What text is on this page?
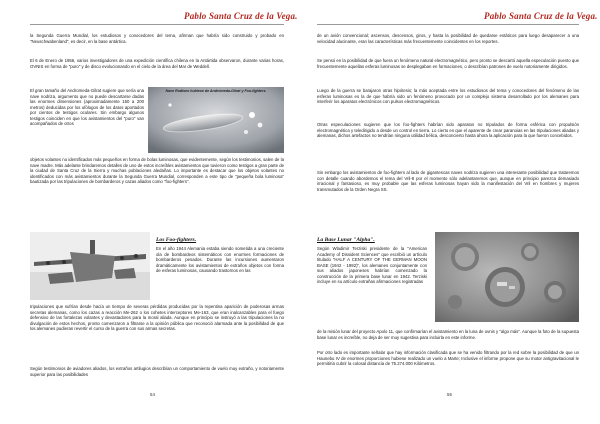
Pablo Santa Cruz de la Vega.
la Segunda Guerra Mundial, los estudiosos y conocedores del tema, afirman que habría sido construido y probado en "Neuschwabenland", es decir, en la base antártica.
El 6 de Enero de 1956, varios investigadores de una expedición científica chilena en la Antártida observaron, durante varias horas, OVNIS en forma de "puro" y de disco evolucionando en el cielo de la área del Mar de Weddell.
Nave Rodiseo hubiese de Andrómeda-Gilrat y Foo-fighters.
El gran tamaño del Andromeda-Gilrat sugiere que sería una nave nodriza, argumento que no puede descartarse dadas las enormes dimensiones (aproximadamente 150 a 200 metros) deducidas por los ufólogos de los datos aportados por cientos de testigos oculares. Sin embargo algunos testigos coinciden en que los avistamientos del "puro" van acompañados de otros
objetos volantes no identificados más pequeños en forma de bolas luminosas, que evidentemente, según los testimonios, salen de la nave madre. Más adelante brindaremos detalles de uno de estos increíbles avistamientos que tuvieron como testigos a gran parte de la ciudad de Santa Cruz de la Sierra y muchas poblaciones aledañas. Lo importante es destacar que los objetos volantes no identificados con más avistamientos durante la Segunda Guerra Mundial, corresponden a este tipo de "pequeña bola luminosa" bautizada por las tripulaciones de bombarderos y cazas aliados como "foo-fighters".
Los Foo-fighters.
En el año 1944 Alemania estaba siendo sometida a una creciente ola de bombardeos sistemáticos con enormes formaciones de bombarderos pesados. Durante las incursiones aumentaron dramáticamente los avistamientos de extraños objetos con forma de esferas luminosas, causando trastornos en las
tripulaciones que sufrían desde hacía un tiempo de severas pérdidas producidas por la repentina aparición de poderosas armas secretas alemanas, como los cazas a reacción Me-262 o los cohetes interceptores Me-163, que eran inalcanzables para el fuego defensivo de las fortalezas volantes y devastadores para la moral aliada. Aunque en principio se instruyó a las tripulaciones la no divulgación de estos hechos, pronto comenzaron a filtrarse a la opinión pública que reconoció alarmada ante la posibilidad de que los alemanes pudieran revertir el curso de la guerra con sus armas secretas.
Según testimonios de aviadores aliados, los extraños artilugios describían un comportamiento de vuelo muy extraño, y notoriamente superior para las posibilidades
54
Pablo Santa Cruz de la Vega.
de un avión convencional; ascensos, descensos, giros, y hasta la posibilidad de quedarse estáticos para luego desaparecer a una velocidad alucinante, eran las características más frecuentemente coincidentes en los reportes.
Se pensó en la posibilidad de que fuera un fenómeno natural electromagnético, pero pronto se descartó aquella especulación puesto que frecuentemente aquellas esferas luminosas se desplegaban en formaciones, o describían patrones de vuelo notoriamente dirigidos.
Luego de la guerra se barajaron otras hipótesis; la más aceptada entre los estudiosos del tema y conocedores del fenómeno de las esferas luminosas es la de que habría sido un fenómeno provocado por un complejo sistema desarrollado por los alemanes para interferir los aparatos electrónicos con pulsos electromagnéticos.
Otras especulaciones sugieren que los foo-fighters habrían sido aparatos no tripulados de forma esférica con propulsión electromagnética y teledirigido a desde un control en tierra. Lo cierto es que el aparente de crear paranoias en las tripulaciones aliadas y alemanas, dichos artefactos no tendrían ninguna utilidad bélica, desconcierto hasta ahora la aplicación para la que fueron concebidos.
Sin embargo los avistamientos de foo-fighters al lado de gigantescas naves nodriza sugieren una interesante posibilidad que trataremos con detalle cuando abordemos el tema del Vril-8 por el momento sólo adelantaremos que, aunque en principio parezca demasiado irracional y fantasioso, es muy probable que las esferas luminosas hayan sido la manifestación del Vril en hombres y mujeres transmutados de la Orden Negra SS.
La Base Lunar "Alpha".
Según Wladimir Terziski presidente de la "American Academy of Dissident Sciences" que escribió un artículo titulado "HALF A CENTURY OF THE GERMAN MOON BASE (1942 - 1992)", los alemanes conjuntamente con sus aliados japoneses habrían comenzado la construcción de la primera base lunar en 1942. Terziski incluye en su artículo extrañas afirmaciones registradas
de la misión lunar del proyecto Apolo 11, que confirmarían el avistamiento en la luna de ovnis y "algo más". Aunque la foto de la supuesta base lunar es increíble, no deja de ser muy sugestiva para incluirla en este informe.
Por otro lado es importante señalar que hay información clasificada que se ha venido filtrando por la red sobre la posibilidad de que un Haunebu IV de enormes proporciones hubiese realizado un vuelo a Marte; Inclusive el informe propone que su motor antigravitacional le permitiría cubrir la colosal distancia de 75.274.000 Kilómetros.
55
